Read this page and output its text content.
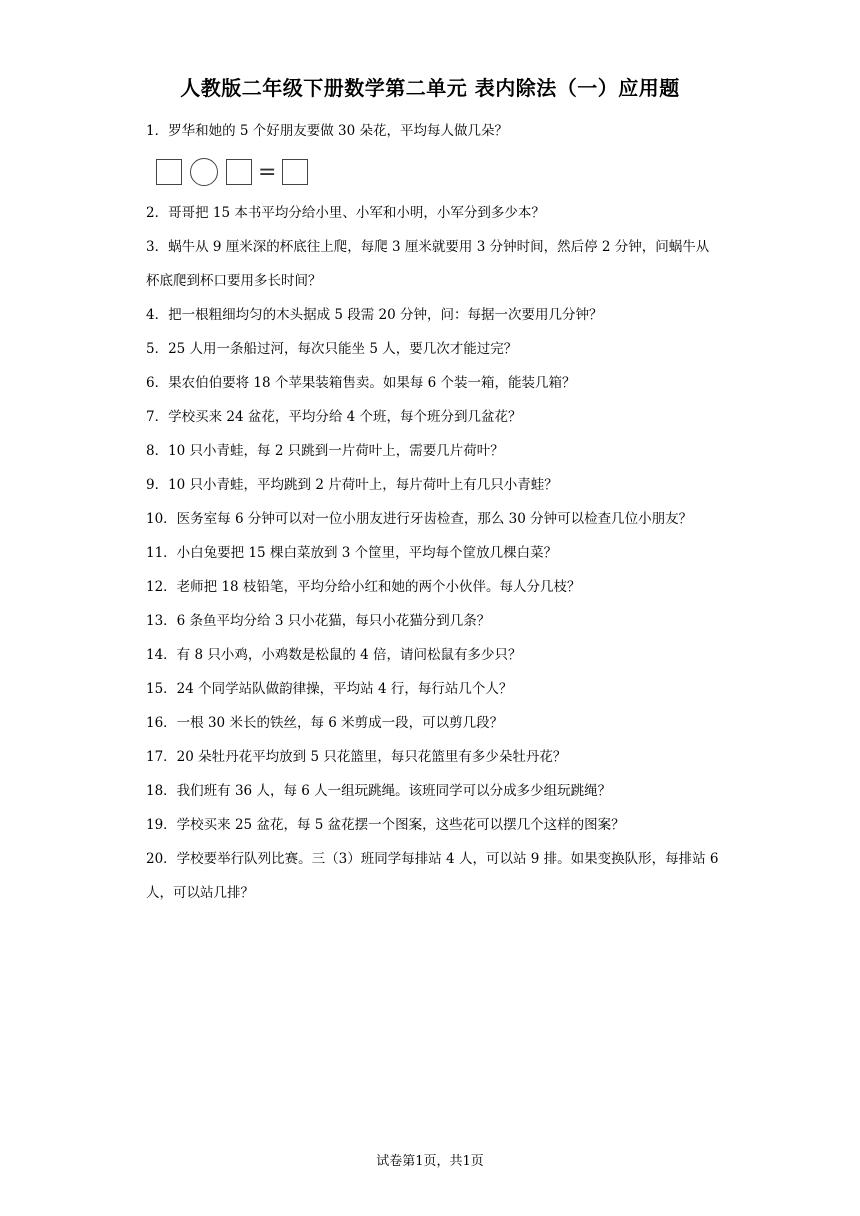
人教版二年级下册数学第二单元 表内除法（一）应用题
1．罗华和她的 5 个好朋友要做 30 朵花，平均每人做几朵？
=
2．哥哥把 15 本书平均分给小里、小军和小明，小军分到多少本？
3．蜗牛从 9 厘米深的杯底往上爬，每爬 3 厘米就要用 3 分钟时间，然后停 2 分钟，问蜗牛从杯底爬到杯口要用多长时间？
4．把一根粗细均匀的木头据成 5 段需 20 分钟，问：每据一次要用几分钟？
5．25 人用一条船过河，每次只能坐 5 人，要几次才能过完？
6．果农伯伯要将 18 个苹果装箱售卖。如果每 6 个装一箱，能装几箱？
7．学校买来 24 盆花，平均分给 4 个班，每个班分到几盆花？
8．10 只小青蛙，每 2 只跳到一片荷叶上，需要几片荷叶？
9．10 只小青蛙，平均跳到 2 片荷叶上，每片荷叶上有几只小青蛙？
10．医务室每 6 分钟可以对一位小朋友进行牙齿检查，那么 30 分钟可以检查几位小朋友？
11．小白兔要把 15 棵白菜放到 3 个筐里，平均每个筐放几棵白菜？
12．老师把 18 枝铅笔，平均分给小红和她的两个小伙伴。每人分几枝？
13．6 条鱼平均分给 3 只小花猫，每只小花猫分到几条？
14．有 8 只小鸡，小鸡数是松鼠的 4 倍，请问松鼠有多少只？
15．24 个同学站队做韵律操，平均站 4 行，每行站几个人？
16．一根 30 米长的铁丝，每 6 米剪成一段，可以剪几段？
17．20 朵牡丹花平均放到 5 只花篮里，每只花篮里有多少朵牡丹花？
18．我们班有 36 人，每 6 人一组玩跳绳。该班同学可以分成多少组玩跳绳？
19．学校买来 25 盆花，每 5 盆花摆一个图案，这些花可以摆几个这样的图案？
20．学校要举行队列比赛。三（3）班同学每排站 4 人，可以站 9 排。如果变换队形，每排站 6 人，可以站几排？
试卷第1页，共1页
